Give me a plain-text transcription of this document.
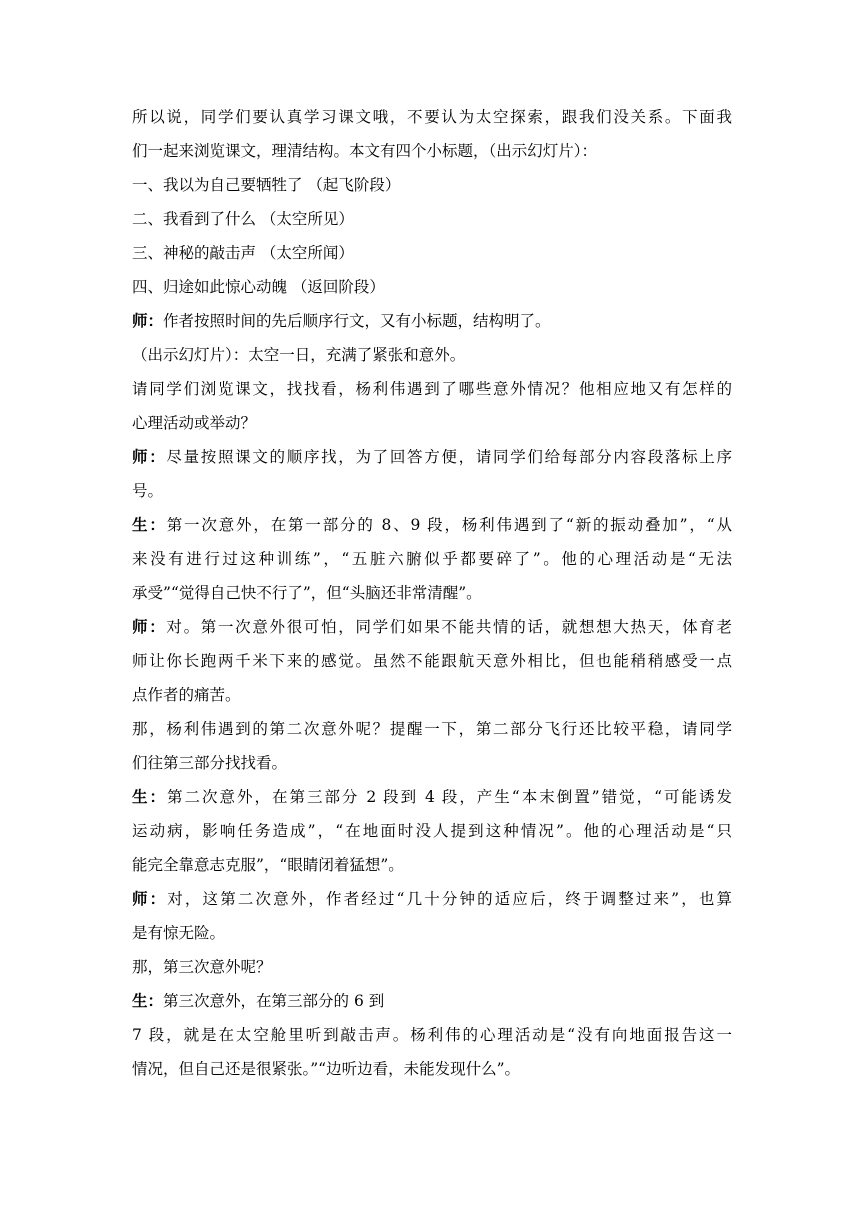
所以说，同学们要认真学习课文哦，不要认为太空探索，跟我们没关系。下面我
们一起来浏览课文，理清结构。本文有四个小标题，（出示幻灯片）：
一、我以为自己要牺牲了 （起飞阶段）
二、我看到了什么 （太空所见）
三、神秘的敲击声 （太空所闻）
四、归途如此惊心动魄 （返回阶段）
师：作者按照时间的先后顺序行文，又有小标题，结构明了。
（出示幻灯片）：太空一日，充满了紧张和意外。
请同学们浏览课文，找找看，杨利伟遇到了哪些意外情况？他相应地又有怎样的
心理活动或举动？
师：尽量按照课文的顺序找，为了回答方便，请同学们给每部分内容段落标上序
号。
生：第一次意外，在第一部分的 8、9 段，杨利伟遇到了“新的振动叠加”，“从
来没有进行过这种训练”，“五脏六腑似乎都要碎了”。他的心理活动是“无法
承受”“觉得自己快不行了”，但“头脑还非常清醒”。
师：对。第一次意外很可怕，同学们如果不能共情的话，就想想大热天，体育老
师让你长跑两千米下来的感觉。虽然不能跟航天意外相比，但也能稍稍感受一点
点作者的痛苦。
那，杨利伟遇到的第二次意外呢？提醒一下，第二部分飞行还比较平稳，请同学
们往第三部分找找看。
生：第二次意外，在第三部分 2 段到 4 段，产生“本末倒置”错觉，“可能诱发
运动病，影响任务造成”，“在地面时没人提到这种情况”。他的心理活动是“只
能完全靠意志克服”，“眼睛闭着猛想”。
师：对，这第二次意外，作者经过“几十分钟的适应后，终于调整过来”，也算
是有惊无险。
那，第三次意外呢？
生：第三次意外，在第三部分的 6 到
7 段，就是在太空舱里听到敲击声。杨利伟的心理活动是“没有向地面报告这一
情况，但自己还是很紧张。”“边听边看，未能发现什么”。
